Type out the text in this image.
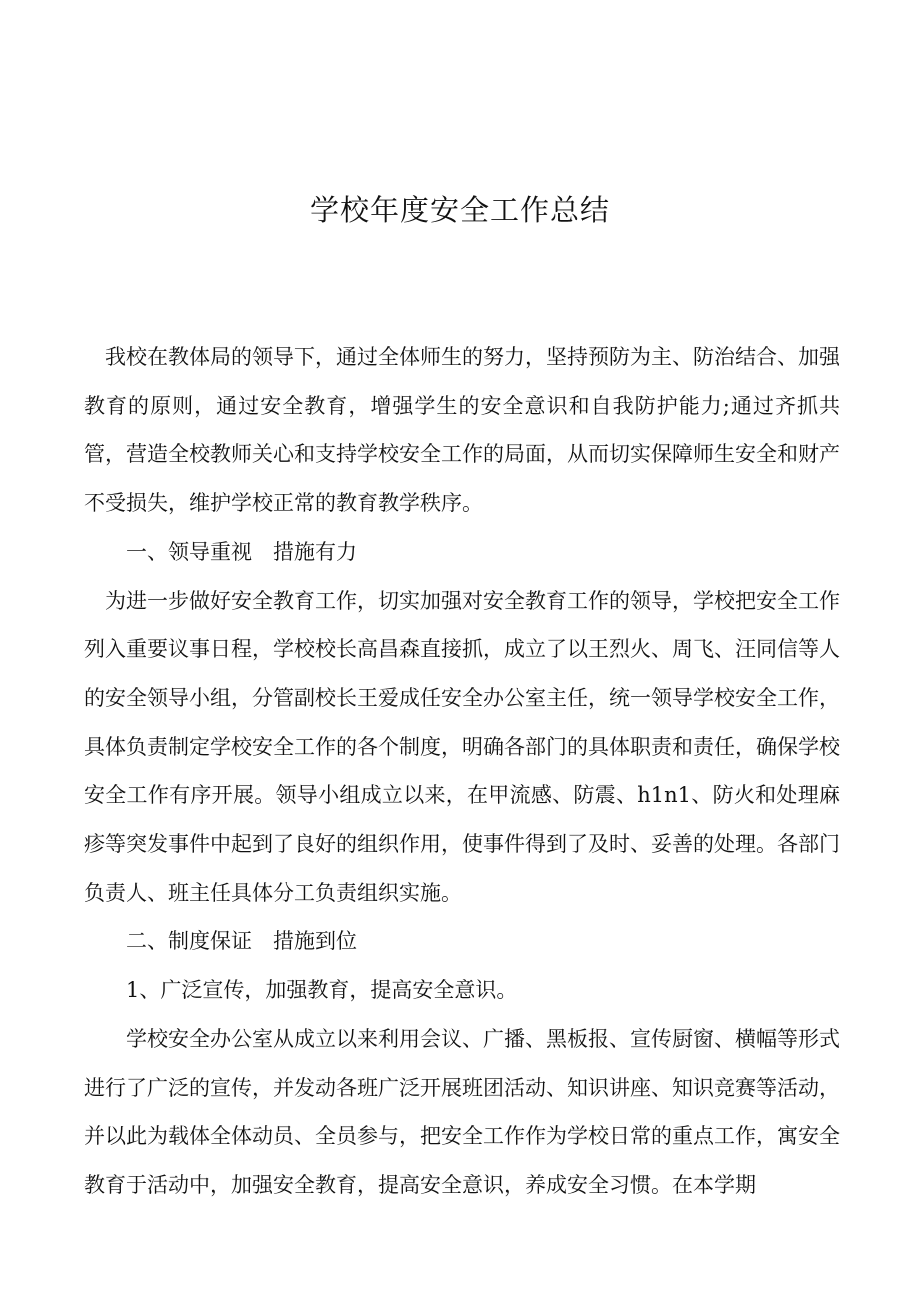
学校年度安全工作总结

我校在教体局的领导下，通过全体师生的努力，坚持预防为主、防治结合、加强教育的原则，通过安全教育，增强学生的安全意识和自我防护能力;通过齐抓共管，营造全校教师关心和支持学校安全工作的局面，从而切实保障师生安全和财产不受损失，维护学校正常的教育教学秩序。

一、领导重视　措施有力

为进一步做好安全教育工作，切实加强对安全教育工作的领导，学校把安全工作列入重要议事日程，学校校长高昌森直接抓，成立了以王烈火、周飞、汪同信等人的安全领导小组，分管副校长王爱成任安全办公室主任，统一领导学校安全工作，具体负责制定学校安全工作的各个制度，明确各部门的具体职责和责任，确保学校安全工作有序开展。领导小组成立以来，在甲流感、防震、h1n1、防火和处理麻疹等突发事件中起到了良好的组织作用，使事件得到了及时、妥善的处理。各部门负责人、班主任具体分工负责组织实施。

二、制度保证　措施到位

1、广泛宣传，加强教育，提高安全意识。

学校安全办公室从成立以来利用会议、广播、黑板报、宣传厨窗、横幅等形式进行了广泛的宣传，并发动各班广泛开展班团活动、知识讲座、知识竞赛等活动，并以此为载体全体动员、全员参与，把安全工作作为学校日常的重点工作，寓安全教育于活动中，加强安全教育，提高安全意识，养成安全习惯。在本学期
